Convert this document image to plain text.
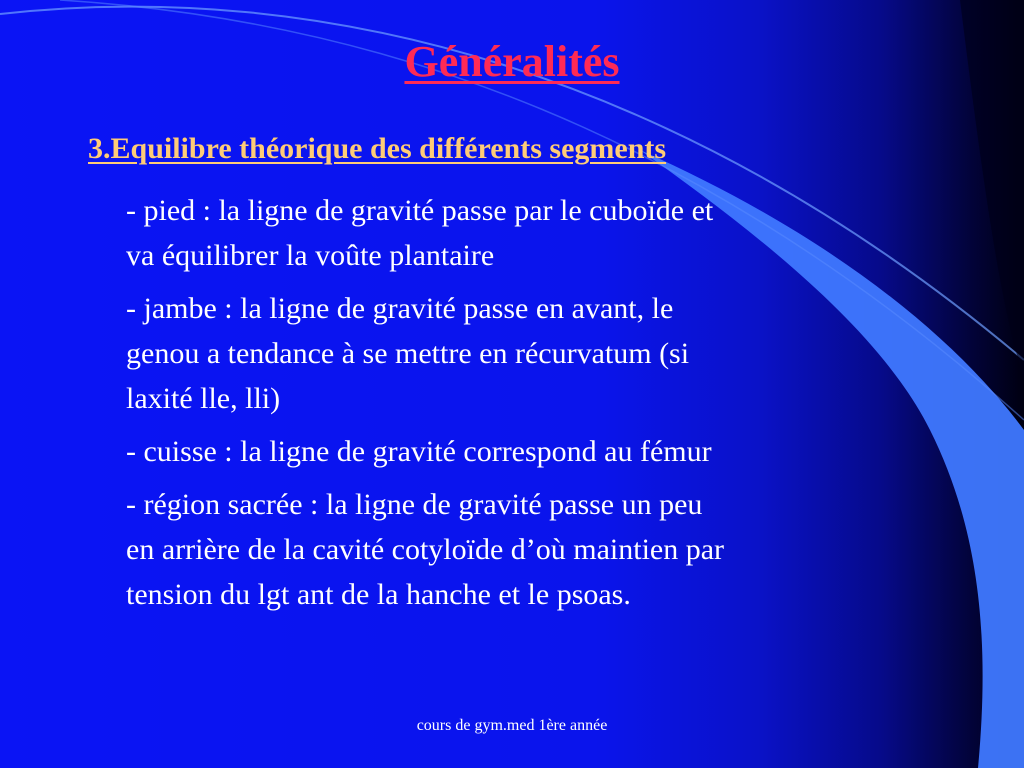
Généralités
3.Equilibre théorique des différents segments
- pied : la ligne de gravité passe par le cuboïde et
va équilibrer la voûte plantaire
- jambe : la ligne de gravité passe en avant, le
genou a tendance à se mettre en récurvatum (si
laxité lle, lli)
- cuisse : la ligne de gravité correspond au fémur
- région sacrée : la ligne de gravité passe un peu
en arrière de la cavité cotyloïde d’où maintien par
tension du lgt ant de la hanche et le psoas.
cours de gym.med 1ère année
